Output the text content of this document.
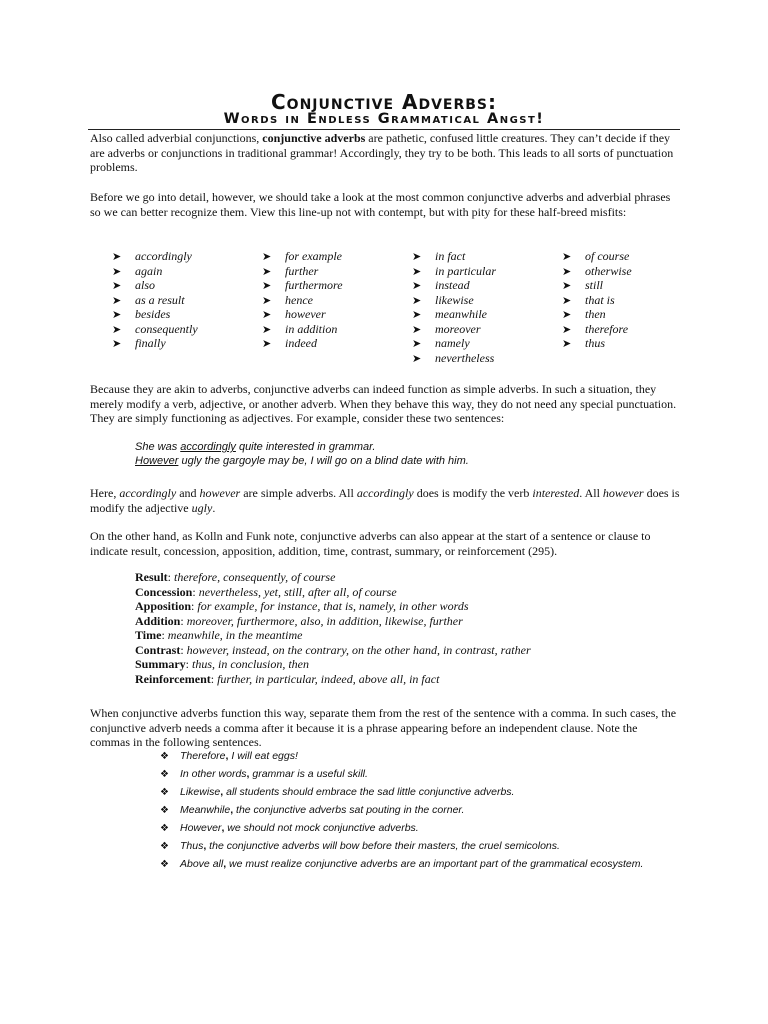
Conjunctive Adverbs:
Words in Endless Grammatical Angst!

Also called adverbial conjunctions, conjunctive adverbs are pathetic, confused little creatures. They can’t decide if they are adverbs or conjunctions in traditional grammar! Accordingly, they try to be both. This leads to all sorts of punctuation problems.

Before we go into detail, however, we should take a look at the most common conjunctive adverbs and adverbial phrases so we can better recognize them. View this line-up not with contempt, but with pity for these half-breed misfits:

➤ accordingly
➤ again
➤ also
➤ as a result
➤ besides
➤ consequently
➤ finally
➤ for example
➤ further
➤ furthermore
➤ hence
➤ however
➤ in addition
➤ indeed
➤ in fact
➤ in particular
➤ instead
➤ likewise
➤ meanwhile
➤ moreover
➤ namely
➤ nevertheless
➤ of course
➤ otherwise
➤ still
➤ that is
➤ then
➤ therefore
➤ thus

Because they are akin to adverbs, conjunctive adverbs can indeed function as simple adverbs. In such a situation, they merely modify a verb, adjective, or another adverb. When they behave this way, they do not need any special punctuation. They are simply functioning as adjectives. For example, consider these two sentences:

She was accordingly quite interested in grammar.
However ugly the gargoyle may be, I will go on a blind date with him.

Here, accordingly and however are simple adverbs. All accordingly does is modify the verb interested. All however does is modify the adjective ugly.

On the other hand, as Kolln and Funk note, conjunctive adverbs can also appear at the start of a sentence or clause to indicate result, concession, apposition, addition, time, contrast, summary, or reinforcement (295).

Result: therefore, consequently, of course
Concession: nevertheless, yet, still, after all, of course
Apposition: for example, for instance, that is, namely, in other words
Addition: moreover, furthermore, also, in addition, likewise, further
Time: meanwhile, in the meantime
Contrast: however, instead, on the contrary, on the other hand, in contrast, rather
Summary: thus, in conclusion, then
Reinforcement: further, in particular, indeed, above all, in fact

When conjunctive adverbs function this way, separate them from the rest of the sentence with a comma. In such cases, the conjunctive adverb needs a comma after it because it is a phrase appearing before an independent clause. Note the commas in the following sentences.

❖ Therefore, I will eat eggs!
❖ In other words, grammar is a useful skill.
❖ Likewise, all students should embrace the sad little conjunctive adverbs.
❖ Meanwhile, the conjunctive adverbs sat pouting in the corner.
❖ However, we should not mock conjunctive adverbs.
❖ Thus, the conjunctive adverbs will bow before their masters, the cruel semicolons.
❖ Above all, we must realize conjunctive adverbs are an important part of the grammatical ecosystem.
